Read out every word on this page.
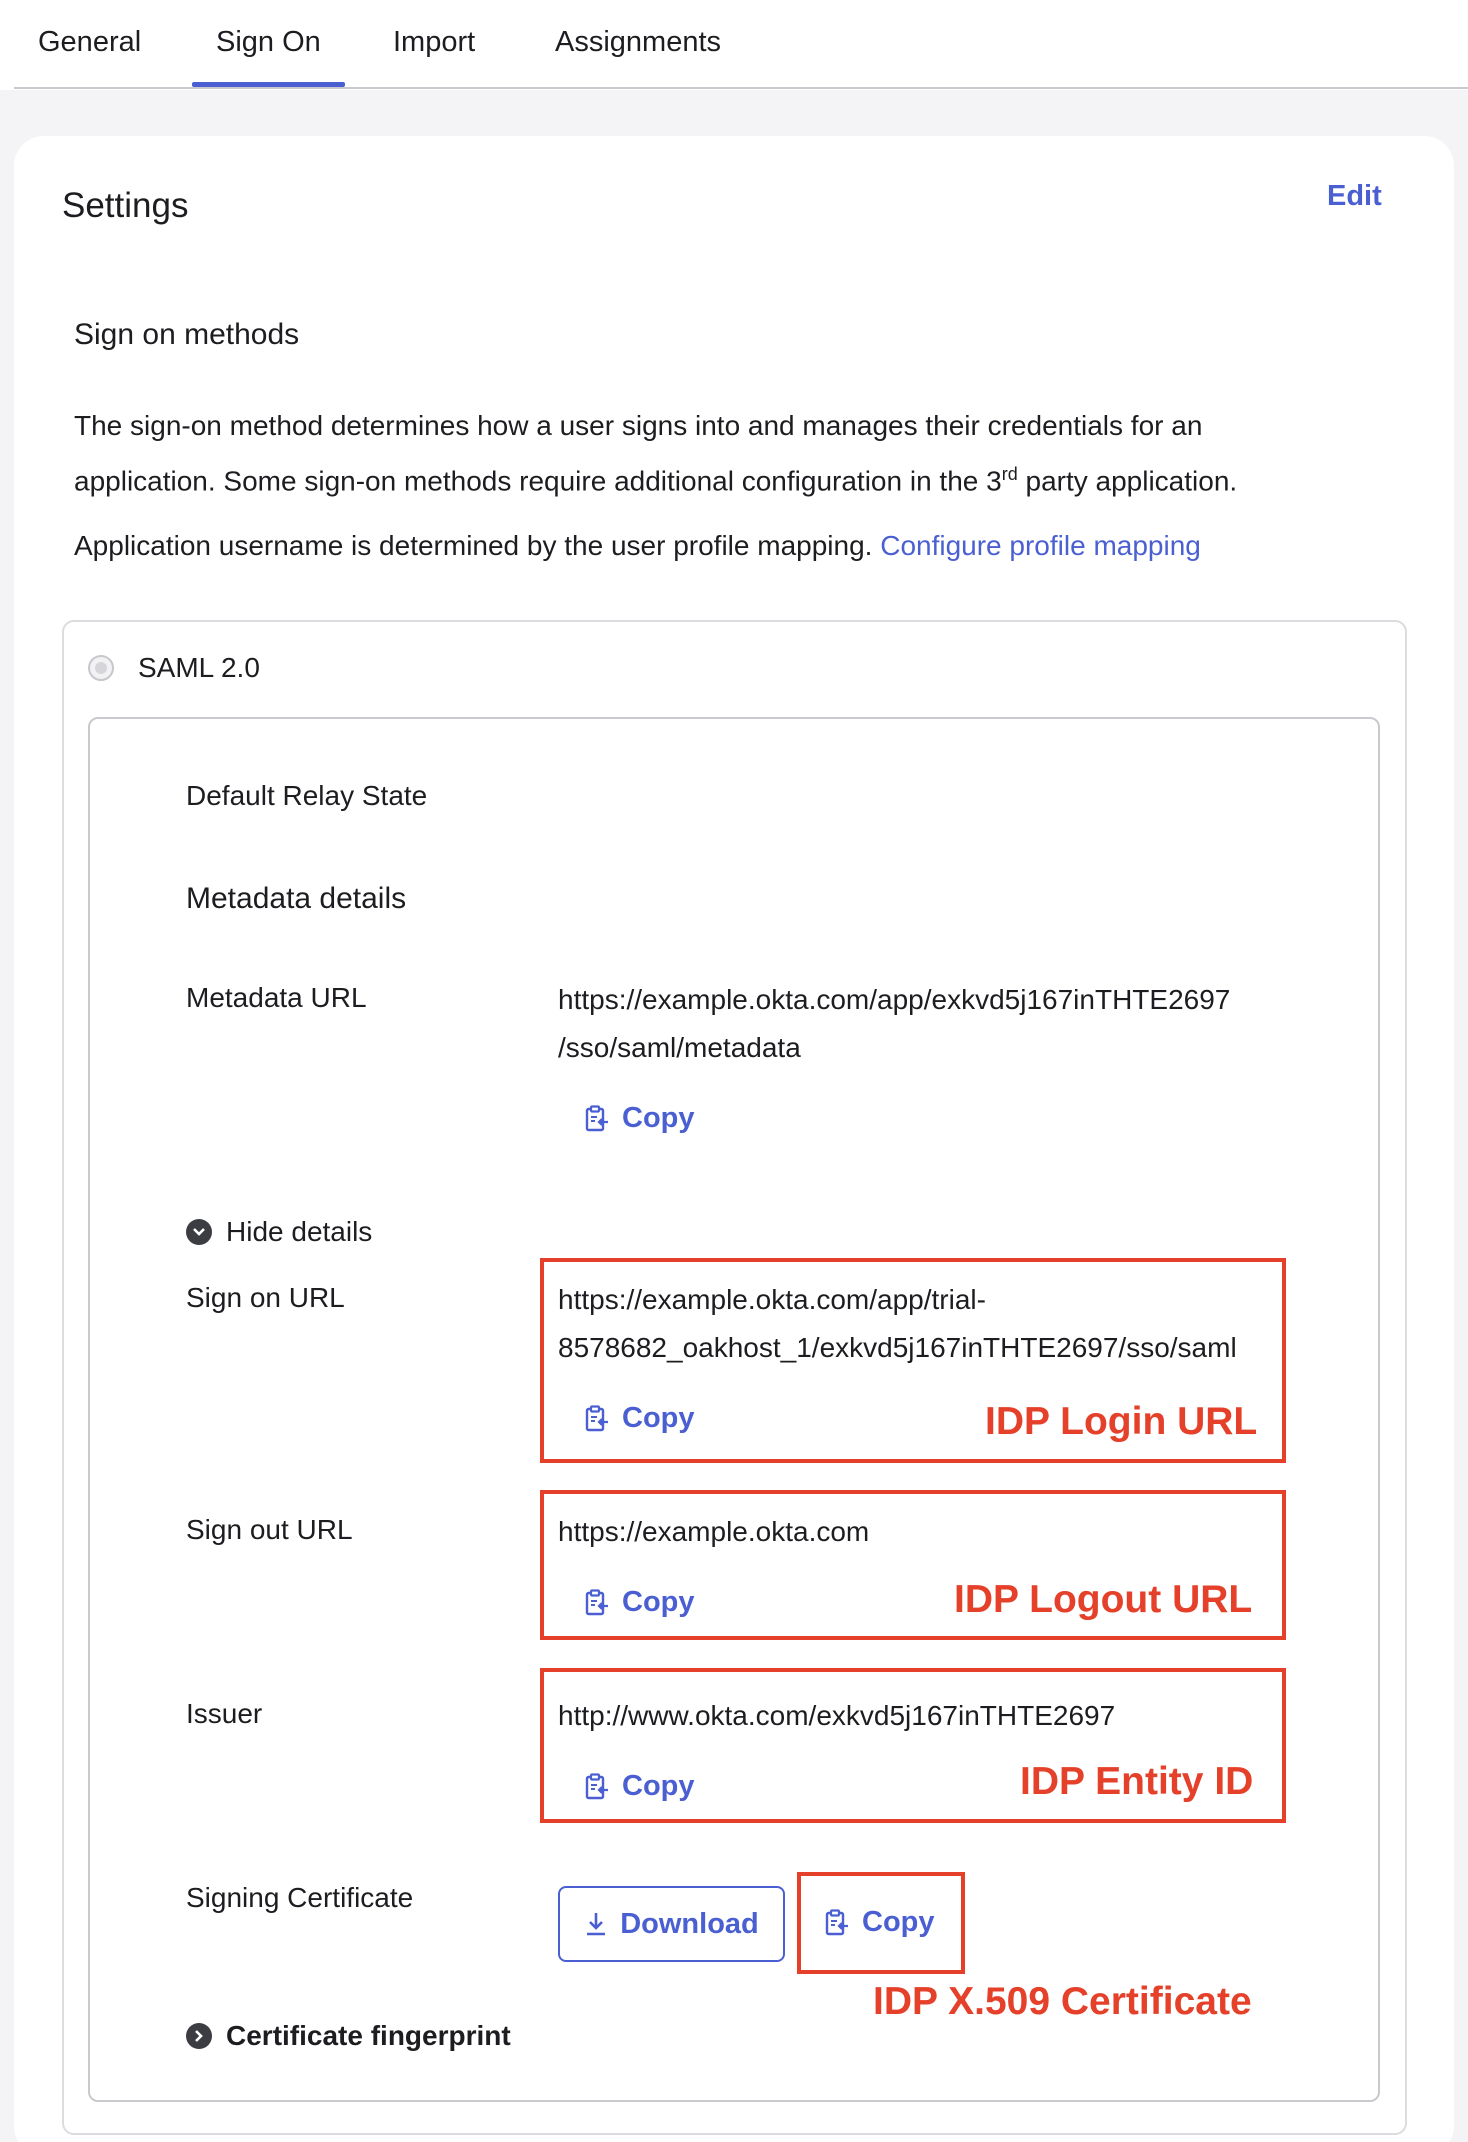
General	Sign On Import	Assignments
Settings	Edit
Sign on methods
The sign-on method determines how a user signs into and manages their credentials for an
application. Some sign-on methods require additional configuration in the 3rd party application.
Application username is determined by the user profile mapping. Configure profile mapping
SAML 2.0
Default Relay State
Metadata details
Metadata URL	https://example.okta.com/app/exkvd5j167inTHTE2697
/sso/saml/metadata
Copy
Hide details
Sign on URL	https://example.okta.com/app/trial-
8578682_oakhost_1/exkvd5j167inTHTE2697/sso/saml
Copy	IDP Login URL
Sign out URL	https://example.okta.com
Copy	IDP Logout URL
Issuer	http://www.okta.com/exkvd5j167inTHTE2697
Copy	IDP Entity ID
Signing Certificate
Download	Copy
IDP X.509 Certificate
Certificate fingerprint
